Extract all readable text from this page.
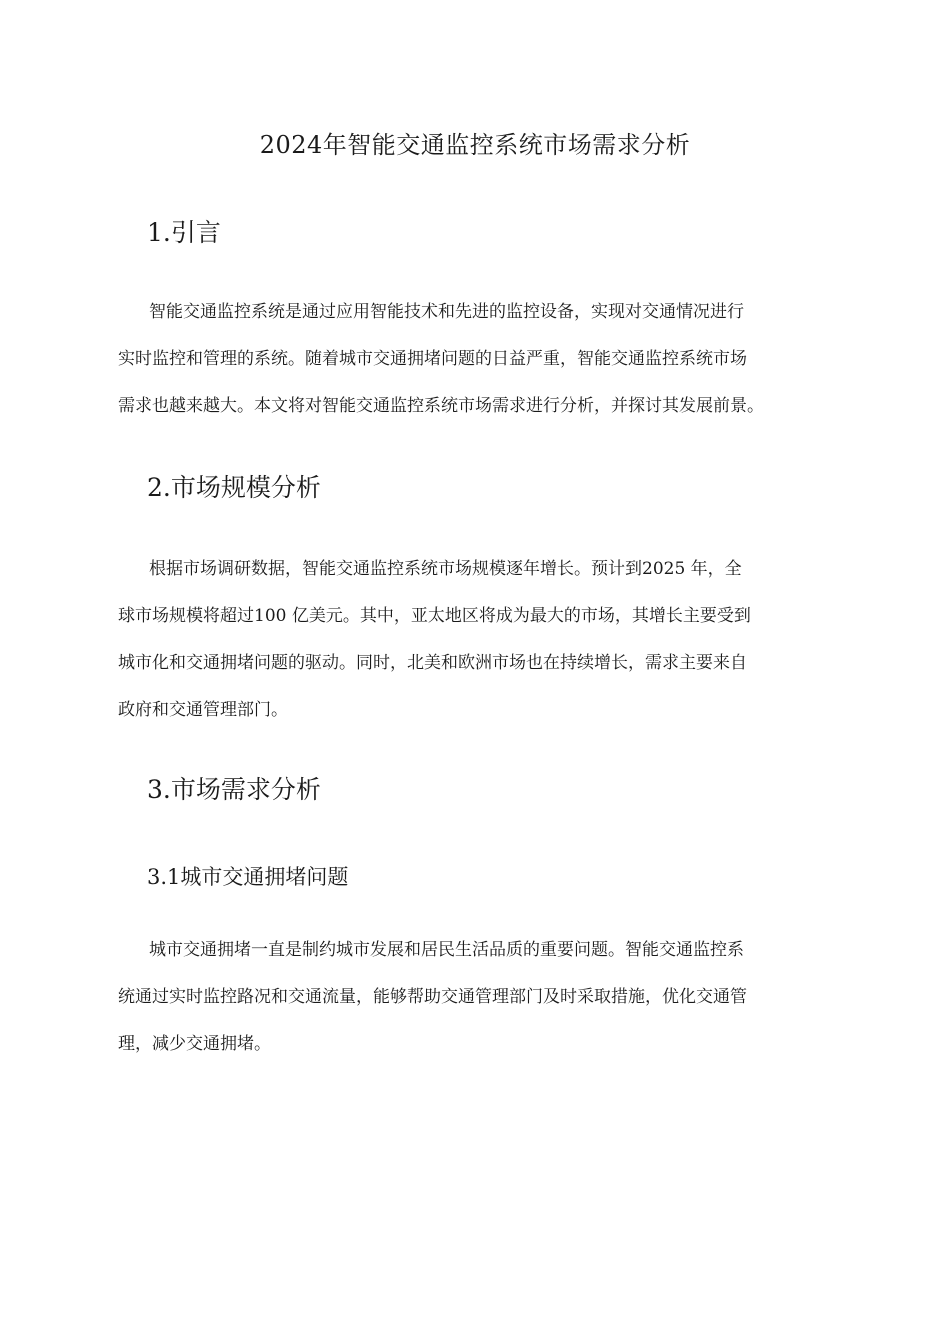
2024年智能交通监控系统市场需求分析
1.引言

智能交通监控系统是通过应用智能技术和先进的监控设备，实现对交通情况进行
实时监控和管理的系统。随着城市交通拥堵问题的日益严重，智能交通监控系统市场
需求也越来越大。本文将对智能交通监控系统市场需求进行分析，并探讨其发展前景。

2.市场规模分析

根据市场调研数据，智能交通监控系统市场规模逐年增长。预计到2025 年，全
球市场规模将超过100 亿美元。其中，亚太地区将成为最大的市场，其增长主要受到
城市化和交通拥堵问题的驱动。同时，北美和欧洲市场也在持续增长，需求主要来自
政府和交通管理部门。

3.市场需求分析
3.1城市交通拥堵问题

城市交通拥堵一直是制约城市发展和居民生活品质的重要问题。智能交通监控系
统通过实时监控路况和交通流量，能够帮助交通管理部门及时采取措施，优化交通管
理，减少交通拥堵。
